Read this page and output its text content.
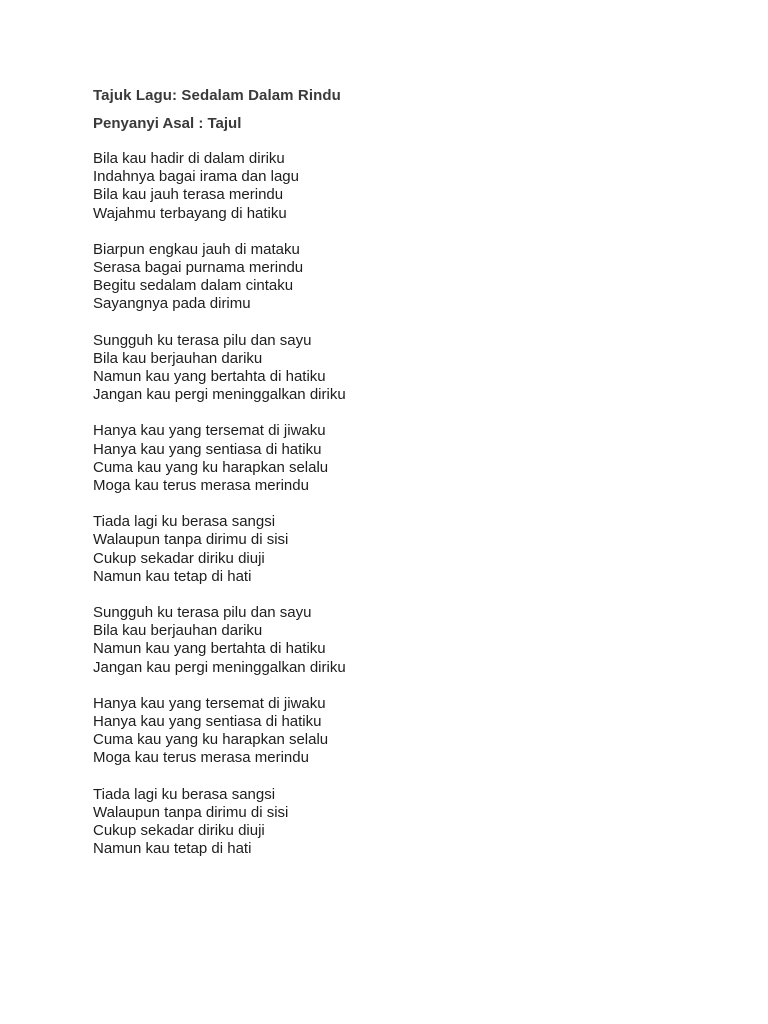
Tajuk Lagu: Sedalam Dalam Rindu

Penyanyi Asal : Tajul

Bila kau hadir di dalam diriku
Indahnya bagai irama dan lagu
Bila kau jauh terasa merindu
Wajahmu terbayang di hatiku
Biarpun engkau jauh di mataku
Serasa bagai purnama merindu
Begitu sedalam dalam cintaku
Sayangnya pada dirimu
Sungguh ku terasa pilu dan sayu
Bila kau berjauhan dariku
Namun kau yang bertahta di hatiku
Jangan kau pergi meninggalkan diriku
Hanya kau yang tersemat di jiwaku
Hanya kau yang sentiasa di hatiku
Cuma kau yang ku harapkan selalu
Moga kau terus merasa merindu
Tiada lagi ku berasa sangsi
Walaupun tanpa dirimu di sisi
Cukup sekadar diriku diuji
Namun kau tetap di hati
Sungguh ku terasa pilu dan sayu
Bila kau berjauhan dariku
Namun kau yang bertahta di hatiku
Jangan kau pergi meninggalkan diriku
Hanya kau yang tersemat di jiwaku
Hanya kau yang sentiasa di hatiku
Cuma kau yang ku harapkan selalu
Moga kau terus merasa merindu
Tiada lagi ku berasa sangsi
Walaupun tanpa dirimu di sisi
Cukup sekadar diriku diuji
Namun kau tetap di hati
